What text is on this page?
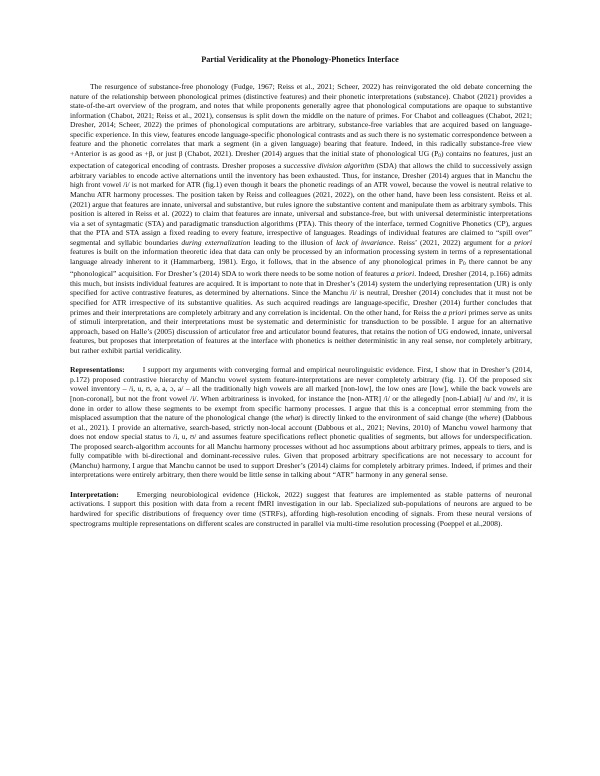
Partial Veridicality at the Phonology-Phonetics Interface

The resurgence of substance-free phonology (Fudge, 1967; Reiss et al., 2021; Scheer, 2022) has reinvigorated the old debate concerning the nature of the relationship between phonological primes (distinctive features) and their phonetic interpretations (substance). Chabot (2021) provides a state-of-the-art overview of the program, and notes that while proponents generally agree that phonological computations are opaque to substantive information (Chabot, 2021; Reiss et al., 2021), consensus is split down the middle on the nature of primes. For Chabot and colleagues (Chabot, 2021; Dresher, 2014; Scheer, 2022) the primes of phonological computations are arbitrary, substance-free variables that are acquired based on language-specific experience. In this view, features encode language-specific phonological contrasts and as such there is no systematic correspondence between a feature and the phonetic correlates that mark a segment (in a given language) bearing that feature. Indeed, in this radically substance-free view +Anterior is as good as +β, or just β (Chabot, 2021). Dresher (2014) argues that the initial state of phonological UG (P0) contains no features, just an expectation of categorical encoding of contrasts. Dresher proposes a successive division algorithm (SDA) that allows the child to successively assign arbitrary variables to encode active alternations until the inventory has been exhausted. Thus, for instance, Dresher (2014) argues that in Manchu the high front vowel /i/ is not marked for ATR (fig.1) even though it bears the phonetic readings of an ATR vowel, because the vowel is neutral relative to Manchu ATR harmony processes. The position taken by Reiss and colleagues (2021, 2022), on the other hand, have been less consistent. Reiss et al. (2021) argue that features are innate, universal and substantive, but rules ignore the substantive content and manipulate them as arbitrary symbols. This position is altered in Reiss et al. (2022) to claim that features are innate, universal and substance-free, but with universal deterministic interpretations via a set of syntagmatic (STA) and paradigmatic transduction algorithms (PTA). This theory of the interface, termed Cognitive Phonetics (CP), argues that the PTA and STA assign a fixed reading to every feature, irrespective of languages. Readings of individual features are claimed to “spill over” segmental and syllabic boundaries during externalization leading to the illusion of lack of invariance. Reiss’ (2021, 2022) argument for a priori features is built on the information theoretic idea that data can only be processed by an information processing system in terms of a representational language already inherent to it (Hammarberg, 1981). Ergo, it follows, that in the absence of any phonological primes in P0 there cannot be any “phonological” acquisition. For Dresher’s (2014) SDA to work there needs to be some notion of features a priori. Indeed, Dresher (2014, p.166) admits this much, but insists individual features are acquired. It is important to note that in Dresher’s (2014) system the underlying representation (UR) is only specified for active contrastive features, as determined by alternations. Since the Manchu /i/ is neutral, Dresher (2014) concludes that it must not be specified for ATR irrespective of its substantive qualities. As such acquired readings are language-specific, Dresher (2014) further concludes that primes and their interpretations are completely arbitrary and any correlation is incidental. On the other hand, for Reiss the a priori primes serve as units of stimuli interpretation, and their interpretations must be systematic and deterministic for transduction to be possible. I argue for an alternative approach, based on Halle’s (2005) discussion of articulator free and articulator bound features, that retains the notion of UG endowed, innate, universal features, but proposes that interpretation of features at the interface with phonetics is neither deterministic in any real sense, nor completely arbitrary, but rather exhibit partial veridicality.

Representations: I support my arguments with converging formal and empirical neurolinguistic evidence. First, I show that in Dresher’s (2014, p.172) proposed contrastive hierarchy of Manchu vowel system feature-interpretations are never completely arbitrary (fig. 1). Of the proposed six vowel inventory – /i, u, ʊ, ə, a, ɔ, a/ – all the traditionally high vowels are all marked [non-low], the low ones are [low], while the back vowels are [non-coronal], but not the front vowel /i/. When arbitrariness is invoked, for instance the [non-ATR] /i/ or the allegedly [non-Labial] /u/ and /ʊ/, it is done in order to allow these segments to be exempt from specific harmony processes. I argue that this is a conceptual error stemming from the misplaced assumption that the nature of the phonological change (the what) is directly linked to the environment of said change (the where) (Dabbous et al., 2021). I provide an alternative, search-based, strictly non-local account (Dabbous et al., 2021; Nevins, 2010) of Manchu vowel harmony that does not endow special status to /i, u, ʊ/ and assumes feature specifications reflect phonetic qualities of segments, but allows for underspecification. The proposed search-algorithm accounts for all Manchu harmony processes without ad hoc assumptions about arbitrary primes, appeals to tiers, and is fully compatible with bi-directional and dominant-recessive rules. Given that proposed arbitrary specifications are not necessary to account for (Manchu) harmony, I argue that Manchu cannot be used to support Dresher’s (2014) claims for completely arbitrary primes. Indeed, if primes and their interpretations were entirely arbitrary, then there would be little sense in talking about “ATR” harmony in any general sense.

Interpretation: Emerging neurobiological evidence (Hickok, 2022) suggest that features are implemented as stable patterns of neuronal activations. I support this position with data from a recent fMRI investigation in our lab. Specialized sub-populations of neurons are argued to be hardwired for specific distributions of frequency over time (STRFs), affording high-resolution encoding of signals. From these neural versions of spectrograms multiple representations on different scales are constructed in parallel via multi-time resolution processing (Poeppel et al.,2008).
